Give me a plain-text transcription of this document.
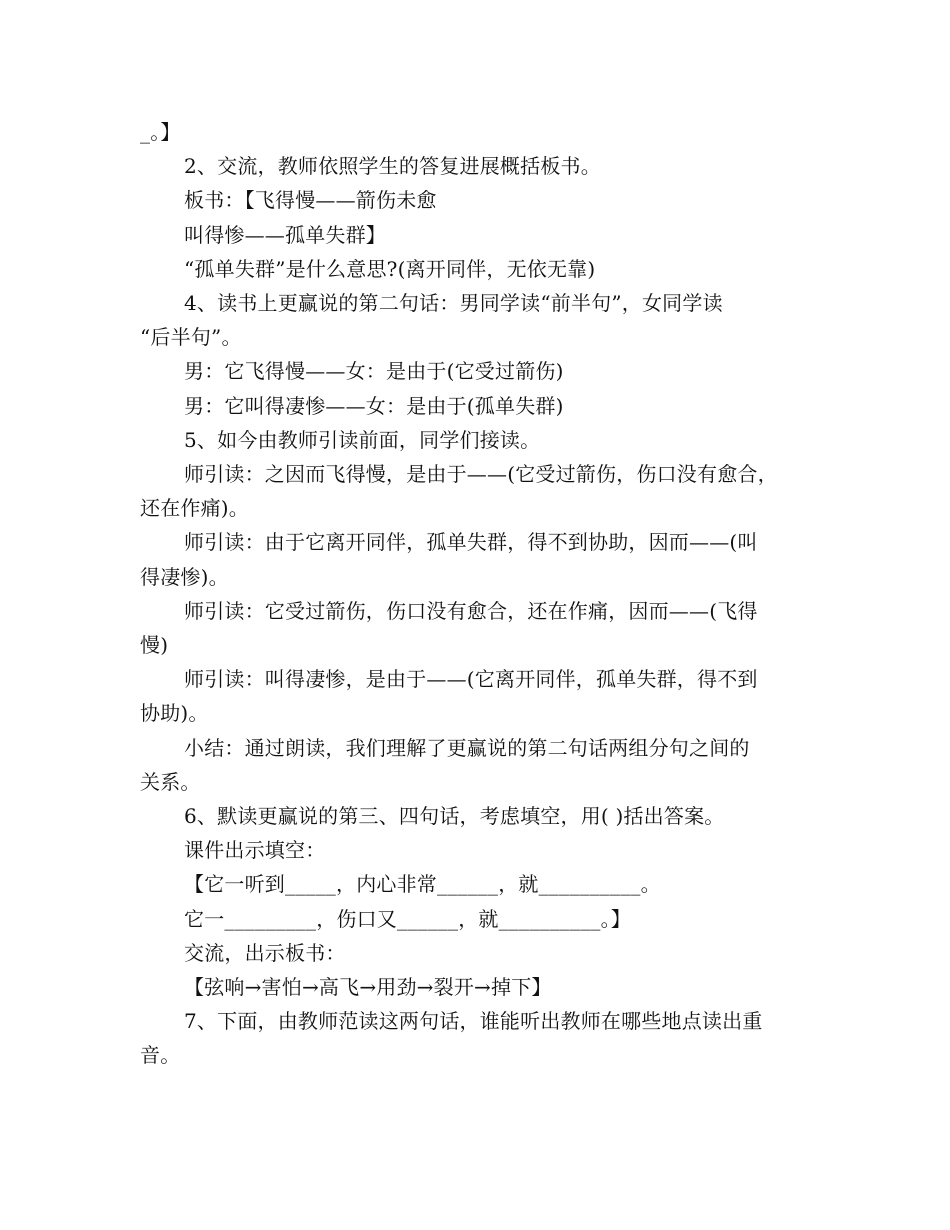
_。】
2、交流，教师依照学生的答复进展概括板书。
板书：【飞得慢——箭伤未愈
叫得惨——孤单失群】
“孤单失群”是什么意思?(离开同伴，无依无靠)
4、读书上更赢说的第二句话：男同学读“前半句”，女同学读
“后半句”。
男：它飞得慢——女：是由于(它受过箭伤)
男：它叫得凄惨——女：是由于(孤单失群)
5、如今由教师引读前面，同学们接读。
师引读：之因而飞得慢，是由于——(它受过箭伤，伤口没有愈合，
还在作痛)。
师引读：由于它离开同伴，孤单失群，得不到协助，因而——(叫
得凄惨)。
师引读：它受过箭伤，伤口没有愈合，还在作痛，因而——(飞得
慢)
师引读：叫得凄惨，是由于——(它离开同伴，孤单失群，得不到
协助)。
小结：通过朗读，我们理解了更赢说的第二句话两组分句之间的
关系。
6、默读更赢说的第三、四句话，考虑填空，用( )括出答案。
课件出示填空：
【它一听到_____，内心非常______，就__________。
它一_________，伤口又______，就__________。】
交流，出示板书：
【弦响→害怕→高飞→用劲→裂开→掉下】
7、下面，由教师范读这两句话，谁能听出教师在哪些地点读出重
音。
